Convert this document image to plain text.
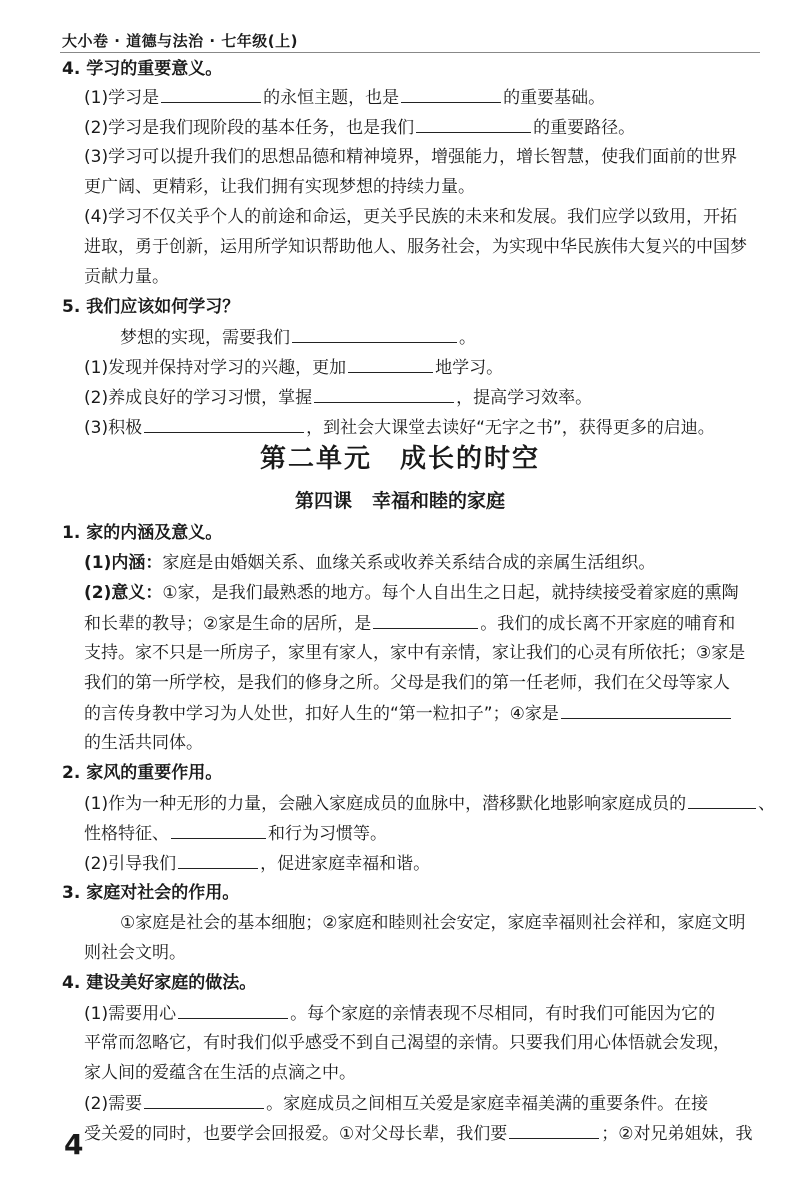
大小卷 · 道德与法治 · 七年级(上)
4. 学习的重要意义。
(1)学习是	的永恒主题，也是	的重要基础。
(2)学习是我们现阶段的基本任务，也是我们	的重要路径。
(3)学习可以提升我们的思想品德和精神境界，增强能力，增长智慧，使我们面前的世界
更广阔、更精彩，让我们拥有实现梦想的持续力量。
(4)学习不仅关乎个人的前途和命运，更关乎民族的未来和发展。我们应学以致用，开拓
进取，勇于创新，运用所学知识帮助他人、服务社会，为实现中华民族伟大复兴的中国梦
贡献力量。
5. 我们应该如何学习？
梦想的实现，需要我们	。
(1)发现并保持对学习的兴趣，更加	地学习。
(2)养成良好的学习习惯，掌握	，提高学习效率。
(3)积极	，到社会大课堂去读好“无字之书”，获得更多的启迪。
第二单元 成长的时空
第四课 幸福和睦的家庭
1. 家的内涵及意义。
(1)内涵：家庭是由婚姻关系、血缘关系或收养关系结合成的亲属生活组织。
(2)意义：①家，是我们最熟悉的地方。每个人自出生之日起，就持续接受着家庭的熏陶
和长辈的教导；②家是生命的居所，是	。我们的成长离不开家庭的哺育和
支持。家不只是一所房子，家里有家人，家中有亲情，家让我们的心灵有所依托；③家是
我们的第一所学校，是我们的修身之所。父母是我们的第一任老师，我们在父母等家人
的言传身教中学习为人处世，扣好人生的“第一粒扣子”；④家是
的生活共同体。
2. 家风的重要作用。
(1)作为一种无形的力量，会融入家庭成员的血脉中，潜移默化地影响家庭成员的	、
性格特征、	和行为习惯等。
(2)引导我们	，促进家庭幸福和谐。
3. 家庭对社会的作用。
①家庭是社会的基本细胞；②家庭和睦则社会安定，家庭幸福则社会祥和，家庭文明
则社会文明。
4. 建设美好家庭的做法。
(1)需要用心	。每个家庭的亲情表现不尽相同，有时我们可能因为它的
平常而忽略它，有时我们似乎感受不到自己渴望的亲情。只要我们用心体悟就会发现，
家人间的爱蕴含在生活的点滴之中。
(2)需要	。家庭成员之间相互关爱是家庭幸福美满的重要条件。在接
受关爱的同时，也要学会回报爱。①对父母长辈，我们要	；②对兄弟姐妹，我
4
